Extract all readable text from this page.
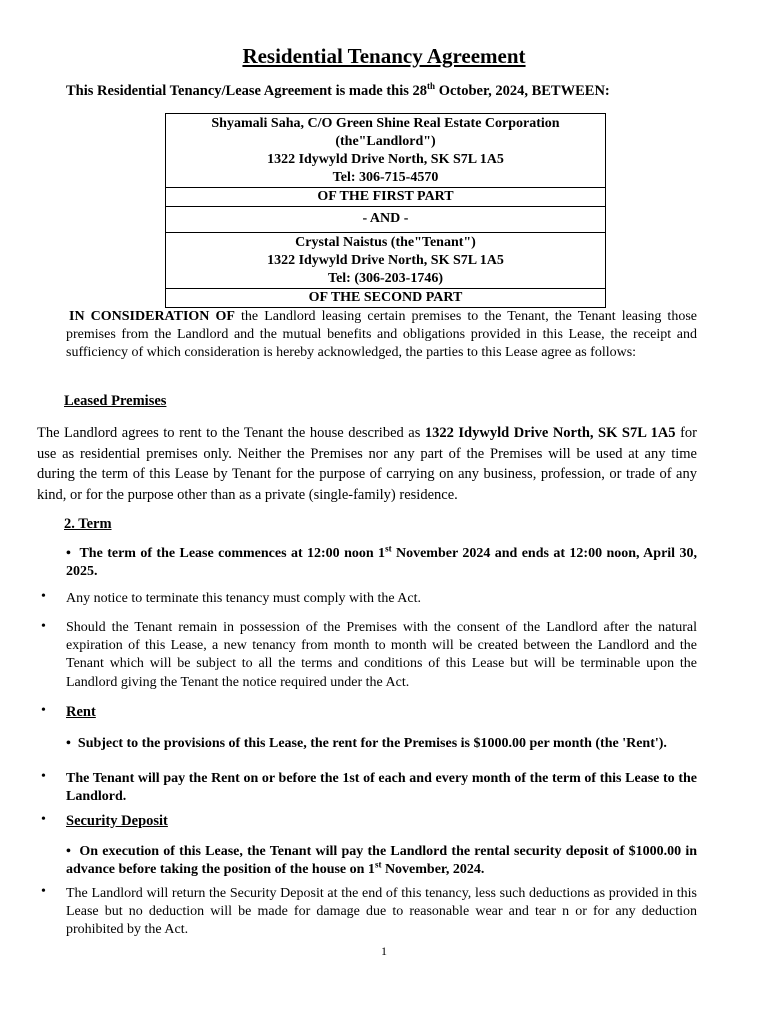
Residential Tenancy Agreement
This Residential Tenancy/Lease Agreement is made this 28th October, 2024, BETWEEN:
Shyamali Saha, C/O Green Shine Real Estate Corporation
(the"Landlord")
1322 Idywyld Drive North, SK S7L 1A5
Tel: 306-715-4570
OF THE FIRST PART
- AND -
Crystal Naistus (the"Tenant")
1322 Idywyld Drive North, SK S7L 1A5
Tel: (306-203-1746)
OF THE SECOND PART
IN CONSIDERATION OF the Landlord leasing certain premises to the Tenant, the Tenant leasing those premises from the Landlord and the mutual benefits and obligations provided in this Lease, the receipt and sufficiency of which consideration is hereby acknowledged, the parties to this Lease agree as follows:
Leased Premises
The Landlord agrees to rent to the Tenant the house described as 1322 Idywyld Drive North, SK S7L 1A5 for use as residential premises only. Neither the Premises nor any part of the Premises will be used at any time during the term of this Lease by Tenant for the purpose of carrying on any business, profession, or trade of any kind, or for the purpose other than as a private (single-family) residence.
2. Term
• The term of the Lease commences at 12:00 noon 1st November 2024 and ends at 12:00 noon, April 30, 2025.
• Any notice to terminate this tenancy must comply with the Act.
• Should the Tenant remain in possession of the Premises with the consent of the Landlord after the natural expiration of this Lease, a new tenancy from month to month will be created between the Landlord and the Tenant which will be subject to all the terms and conditions of this Lease but will be terminable upon the Landlord giving the Tenant the notice required under the Act.
• Rent
• Subject to the provisions of this Lease, the rent for the Premises is $1000.00 per month (the 'Rent').
• The Tenant will pay the Rent on or before the 1st of each and every month of the term of this Lease to the Landlord.
• Security Deposit
• On execution of this Lease, the Tenant will pay the Landlord the rental security deposit of $1000.00 in advance before taking the position of the house on 1st November, 2024.
• The Landlord will return the Security Deposit at the end of this tenancy, less such deductions as provided in this Lease but no deduction will be made for damage due to reasonable wear and tear n or for any deduction prohibited by the Act.
1
